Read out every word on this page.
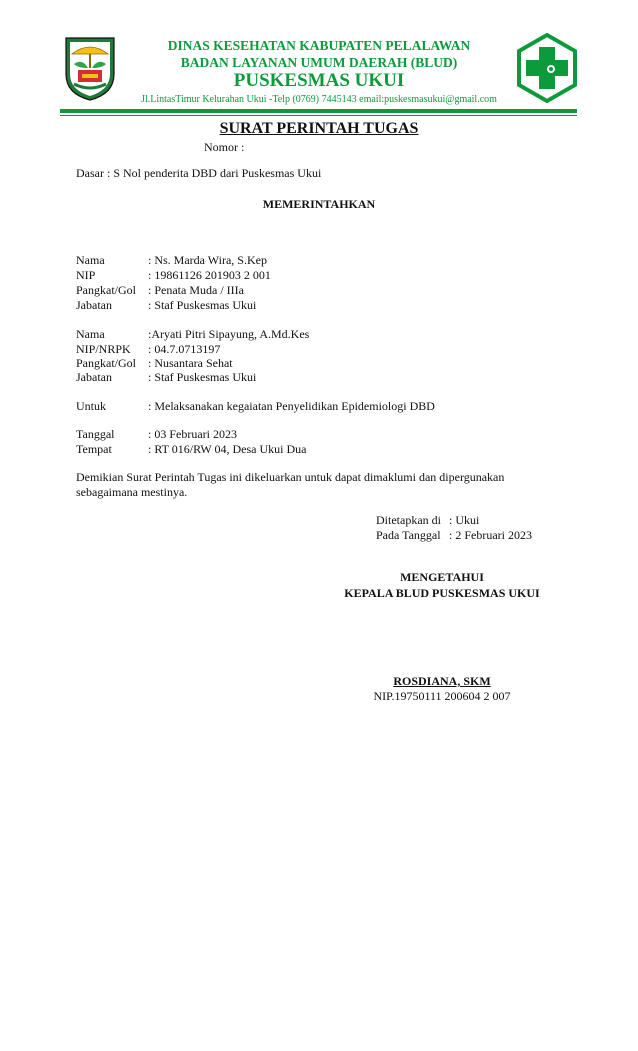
DINAS KESEHATAN KABUPATEN PELALAWAN
BADAN LAYANAN UMUM DAERAH (BLUD)
PUSKESMAS UKUI
Jl.LintasTimur Kelurahan Ukui -Telp (0769) 7445143 email:puskesmasukui@gmail.com
SURAT PERINTAH TUGAS
Nomor :
Dasar : S Nol penderita DBD dari Puskesmas Ukui
MEMERINTAHKAN
Nama	: Ns. Marda Wira, S.Kep
NIP	: 19861126 201903 2 001
Pangkat/Gol : Penata Muda / IIIa
Jabatan	: Staf Puskesmas Ukui
Nama	:Aryati Pitri Sipayung, A.Md.Kes
NIP/NRPK : 04.7.0713197
Pangkat/Gol : Nusantara Sehat
Jabatan	: Staf Puskesmas Ukui
Untuk	: Melaksanakan kegaiatan Penyelidikan Epidemiologi DBD
Tanggal	: 03 Februari 2023
Tempat	: RT 016/RW 04, Desa Ukui Dua
Demikian Surat Perintah Tugas ini dikeluarkan untuk dapat dimaklumi dan dipergunakan
sebagaimana mestinya.
Ditetapkan di : Ukui
Pada Tanggal : 2 Februari 2023
MENGETAHUI
KEPALA BLUD PUSKESMAS UKUI
ROSDIANA, SKM
NIP.19750111 200604 2 007
